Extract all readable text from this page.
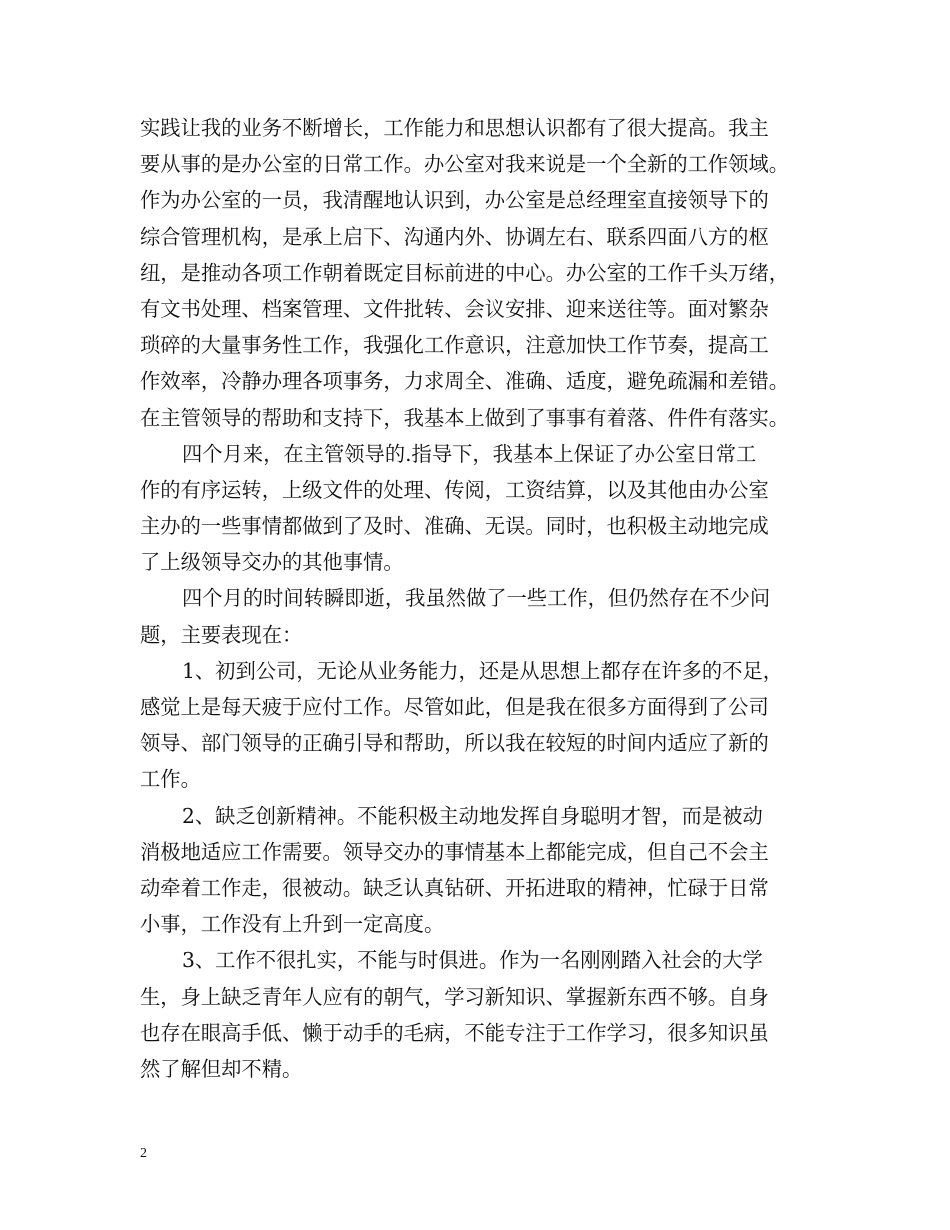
实践让我的业务不断增长，工作能力和思想认识都有了很大提高。我主
要从事的是办公室的日常工作。办公室对我来说是一个全新的工作领域。
作为办公室的一员，我清醒地认识到，办公室是总经理室直接领导下的
综合管理机构，是承上启下、沟通内外、协调左右、联系四面八方的枢
纽，是推动各项工作朝着既定目标前进的中心。办公室的工作千头万绪，
有文书处理、档案管理、文件批转、会议安排、迎来送往等。面对繁杂
琐碎的大量事务性工作，我强化工作意识，注意加快工作节奏，提高工
作效率，冷静办理各项事务，力求周全、准确、适度，避免疏漏和差错。
在主管领导的帮助和支持下，我基本上做到了事事有着落、件件有落实。
四个月来，在主管领导的.指导下，我基本上保证了办公室日常工
作的有序运转，上级文件的处理、传阅，工资结算，以及其他由办公室
主办的一些事情都做到了及时、准确、无误。同时，也积极主动地完成
了上级领导交办的其他事情。
四个月的时间转瞬即逝，我虽然做了一些工作，但仍然存在不少问
题，主要表现在：
1、初到公司，无论从业务能力，还是从思想上都存在许多的不足，
感觉上是每天疲于应付工作。尽管如此，但是我在很多方面得到了公司
领导、部门领导的正确引导和帮助，所以我在较短的时间内适应了新的
工作。
2、缺乏创新精神。不能积极主动地发挥自身聪明才智，而是被动
消极地适应工作需要。领导交办的事情基本上都能完成，但自己不会主
动牵着工作走，很被动。缺乏认真钻研、开拓进取的精神，忙碌于日常
小事，工作没有上升到一定高度。
3、工作不很扎实，不能与时俱进。作为一名刚刚踏入社会的大学
生，身上缺乏青年人应有的朝气，学习新知识、掌握新东西不够。自身
也存在眼高手低、懒于动手的毛病，不能专注于工作学习，很多知识虽
然了解但却不精。
2
